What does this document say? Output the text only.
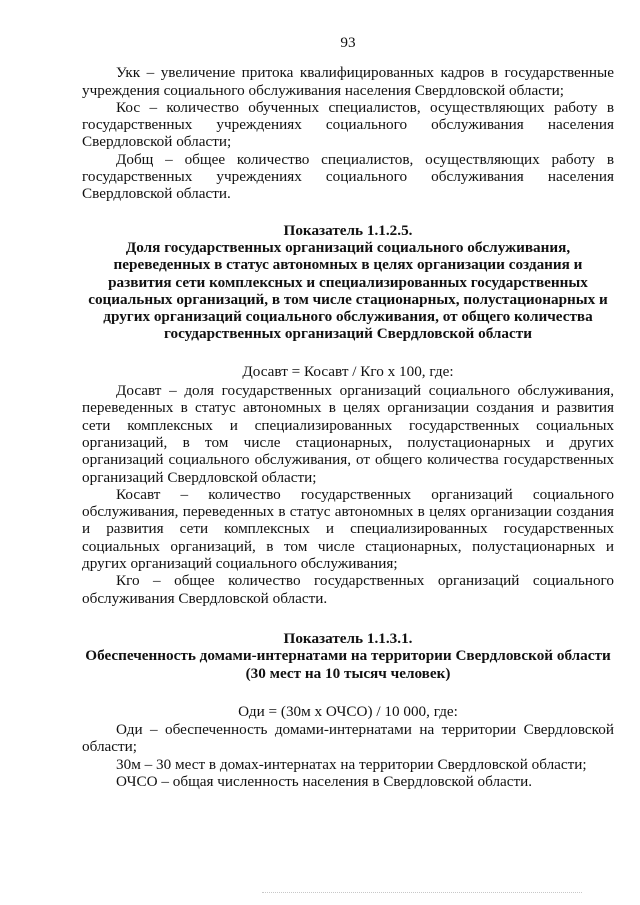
93

Укк – увеличение притока квалифицированных кадров в государственные учреждения социального обслуживания населения Свердловской области;

Кос – количество обученных специалистов, осуществляющих работу в государственных учреждениях социального обслуживания населения Свердловской области;

Добщ – общее количество специалистов, осуществляющих работу в государственных учреждениях социального обслуживания населения Свердловской области.

Показатель 1.1.2.5.

Доля государственных организаций социального обслуживания, переведенных в статус автономных в целях организации создания и развития сети комплексных и специализированных государственных социальных организаций, в том числе стационарных, полустационарных и других организаций социального обслуживания, от общего количества государственных организаций Свердловской области

Досавт = Косавт / Кго х 100, где:

Досавт – доля государственных организаций социального обслуживания, переведенных в статус автономных в целях организации создания и развития сети комплексных и специализированных государственных социальных организаций, в том числе стационарных, полустационарных и других организаций социального обслуживания, от общего количества государственных организаций Свердловской области;

Косавт – количество государственных организаций социального обслуживания, переведенных в статус автономных в целях организации создания и развития сети комплексных и специализированных государственных социальных организаций, в том числе стационарных, полустационарных и других организаций социального обслуживания;

Кго – общее количество государственных организаций социального обслуживания Свердловской области.

Показатель 1.1.3.1.

Обеспеченность домами-интернатами на территории Свердловской области (30 мест на 10 тысяч человек)

Оди = (30м х ОЧСО) / 10 000, где:

Оди – обеспеченность домами-интернатами на территории Свердловской области;

30м – 30 мест в домах-интернатах на территории Свердловской области;

ОЧСО – общая численность населения в Свердловской области.
